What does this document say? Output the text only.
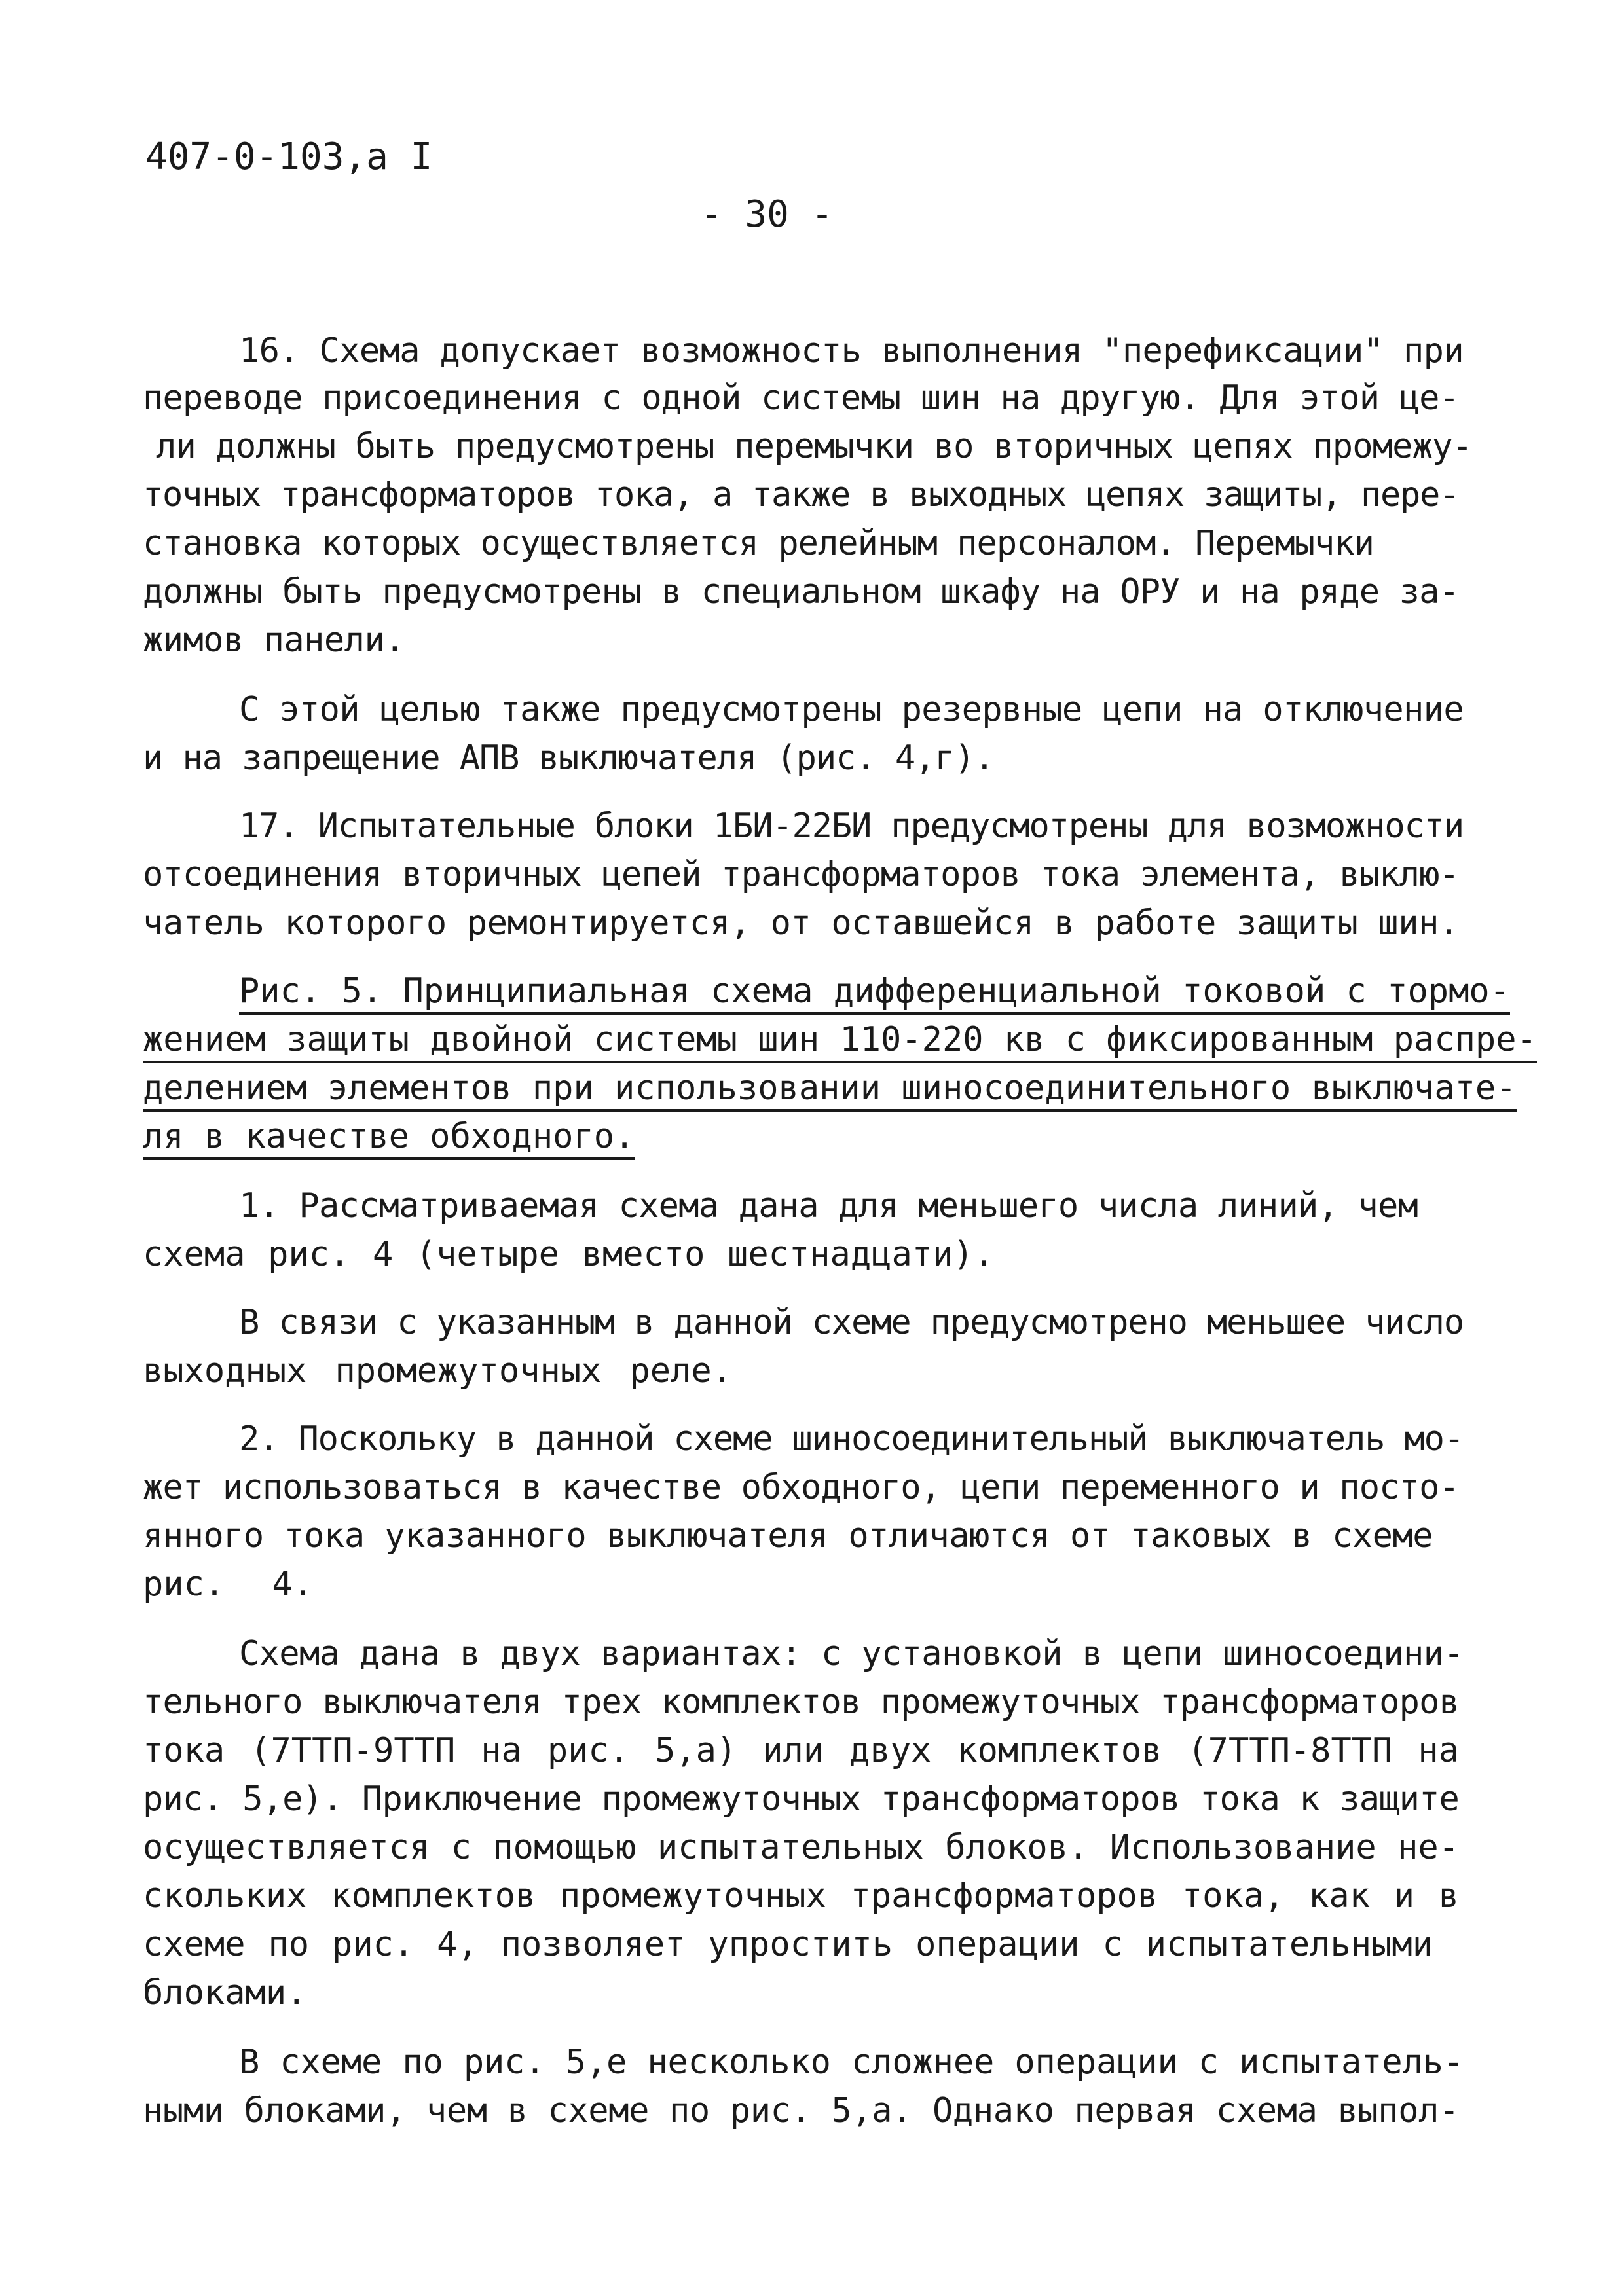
407-0-103,a I
- 30 -
16. Схема допускает возможность выполнения "перефиксации" при
переводе присоединения с одной системы шин на другую. Для этой це-
ли должны быть предусмотрены перемычки во вторичных цепях промежу-
точных трансформаторов тока, а также в выходных цепях защиты, пере-
становка которых осуществляется релейным персоналом. Перемычки
должны быть предусмотрены в специальном шкафу на ОРУ и на ряде за-
жимов панели.
С этой целью также предусмотрены резервные цепи на отключение
и на запрещение АПВ выключателя (рис. 4,г).
17. Испытательные блоки 1БИ-22БИ предусмотрены для возможности
отсоединения вторичных цепей трансформаторов тока элемента, выклю-
чатель которого ремонтируется, от оставшейся в работе защиты шин.
Рис. 5. Принципиальная схема дифференциальной токовой с тормо-
жением защиты двойной системы шин 110-220 кв с фиксированным распре-
делением элементов при использовании шиносоединительного выключате-
ля в качестве обходного.
1. Рассматриваемая схема дана для меньшего числа линий, чем
схема рис. 4 (четыре вместо шестнадцати).
В связи с указанным в данной схеме предусмотрено меньшее число
выходных промежуточных реле.
2. Поскольку в данной схеме шиносоединительный выключатель мо-
жет использоваться в качестве обходного, цепи переменного и посто-
янного тока указанного выключателя отличаются от таковых в схеме
рис. 4.
Схема дана в двух вариантах: с установкой в цепи шиносоедини-
тельного выключателя трех комплектов промежуточных трансформаторов
тока (7ТТП-9ТТП на рис. 5,а) или двух комплектов (7ТТП-8ТТП на
рис. 5,е). Приключение промежуточных трансформаторов тока к защите
осуществляется с помощью испытательных блоков. Использование не-
скольких комплектов промежуточных трансформаторов тока, как и в
схеме по рис. 4, позволяет упростить операции с испытательными
блоками.
В схеме по рис. 5,е несколько сложнее операции с испытатель-
ными блоками, чем в схеме по рис. 5,а. Однако первая схема выпол-
